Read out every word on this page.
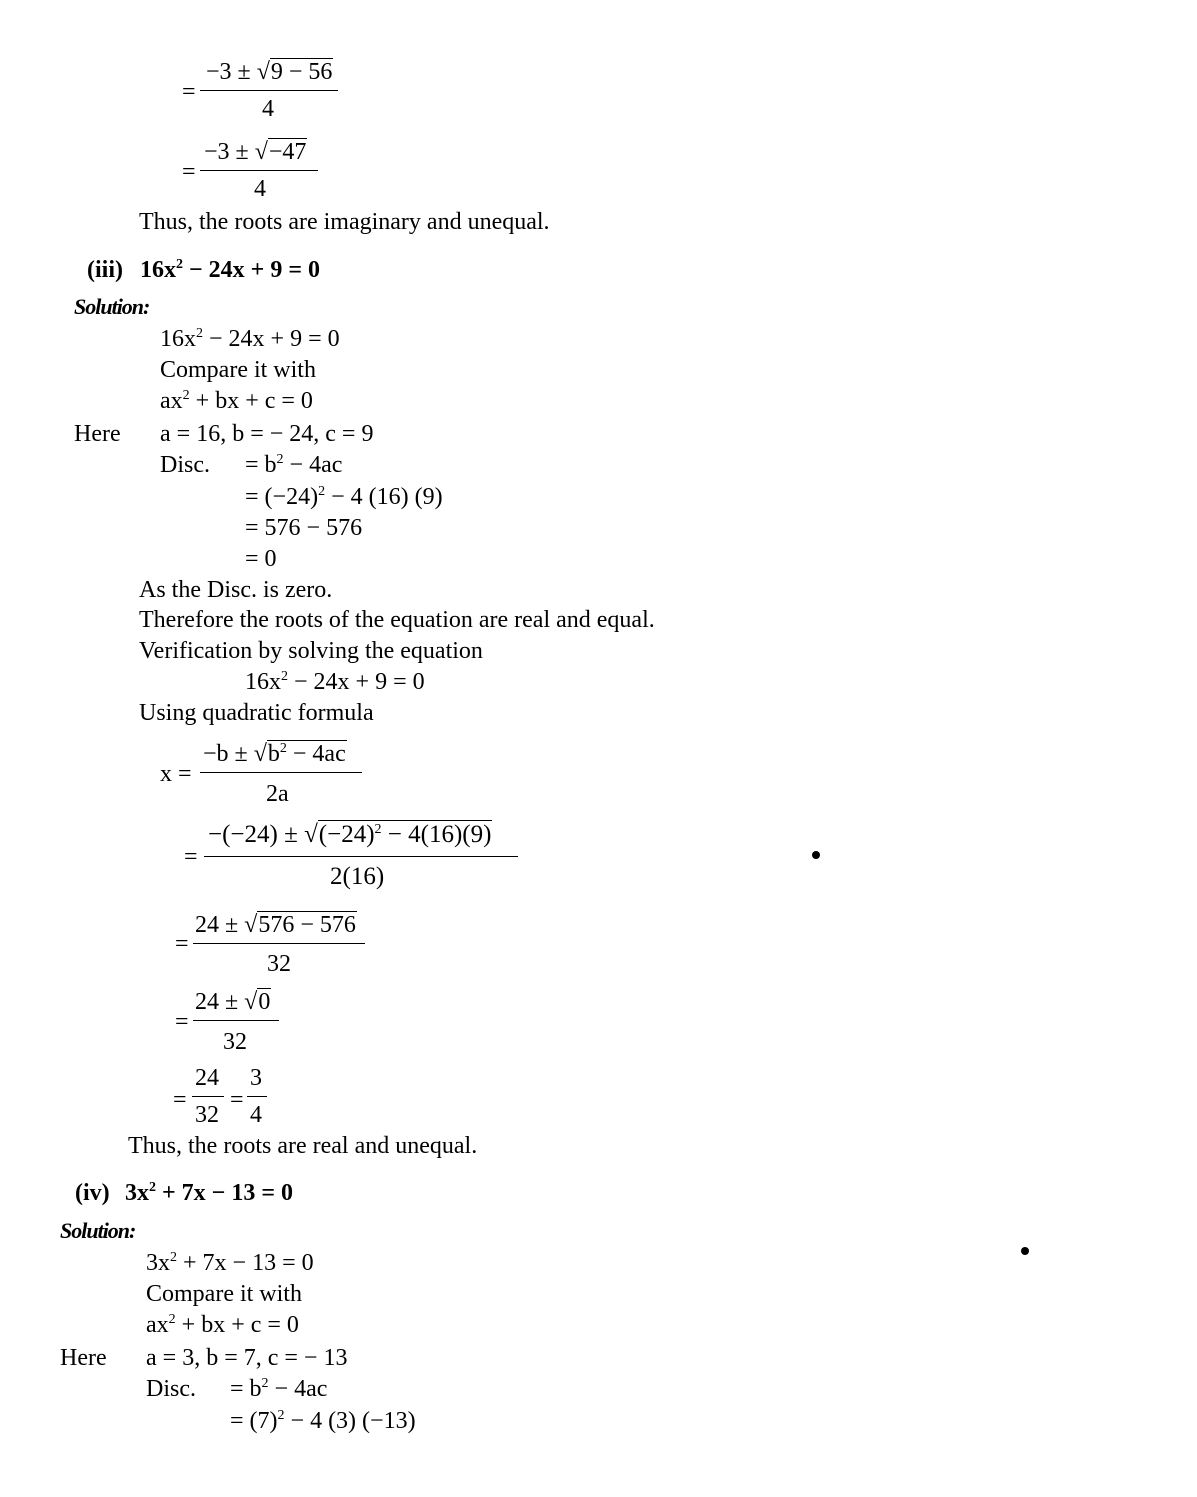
=
−3 ± √9 − 56
4
=
−3 ± √−47
4
Thus, the roots are imaginary and unequal.
(iii) $16x^2 - 24x + 9 = 0$
Solution:
$16x^2 - 24x + 9 = 0$
Compare it with
$ax^2$ + bx + c = 0
Here a = 16, b = − 24, c = 9
Disc. = $b^2 - 4ac$
= $(-24)^2 - 4$ (16) (9)
= 576 − 576
= 0
As the Disc. is zero.
Therefore the roots of the equation are real and equal.
Verification by solving the equation
$16x^2 - 24x + 9 = 0$
Using quadratic formula
x =
$-b \pm √b^2 - 4ac$
2a
=
$-(-24) \pm √(-24)^2 - 4(16)(9)$
2(16)
=
24 ± √576 − 576
32
=
24 ± √0
32
=
24
32
=
3
4
Thus, the roots are real and unequal.
(iv) $3x^2 + 7x - 13 = 0$
Solution:
$3x^2 + 7x - 13 = 0$
Compare it with
$ax^2$ + bx + c = 0
Here a = 3, b = 7, c = − 13
Disc. = $b^2 - 4ac$
= $(7)^2 - 4$ (3) (−13)
